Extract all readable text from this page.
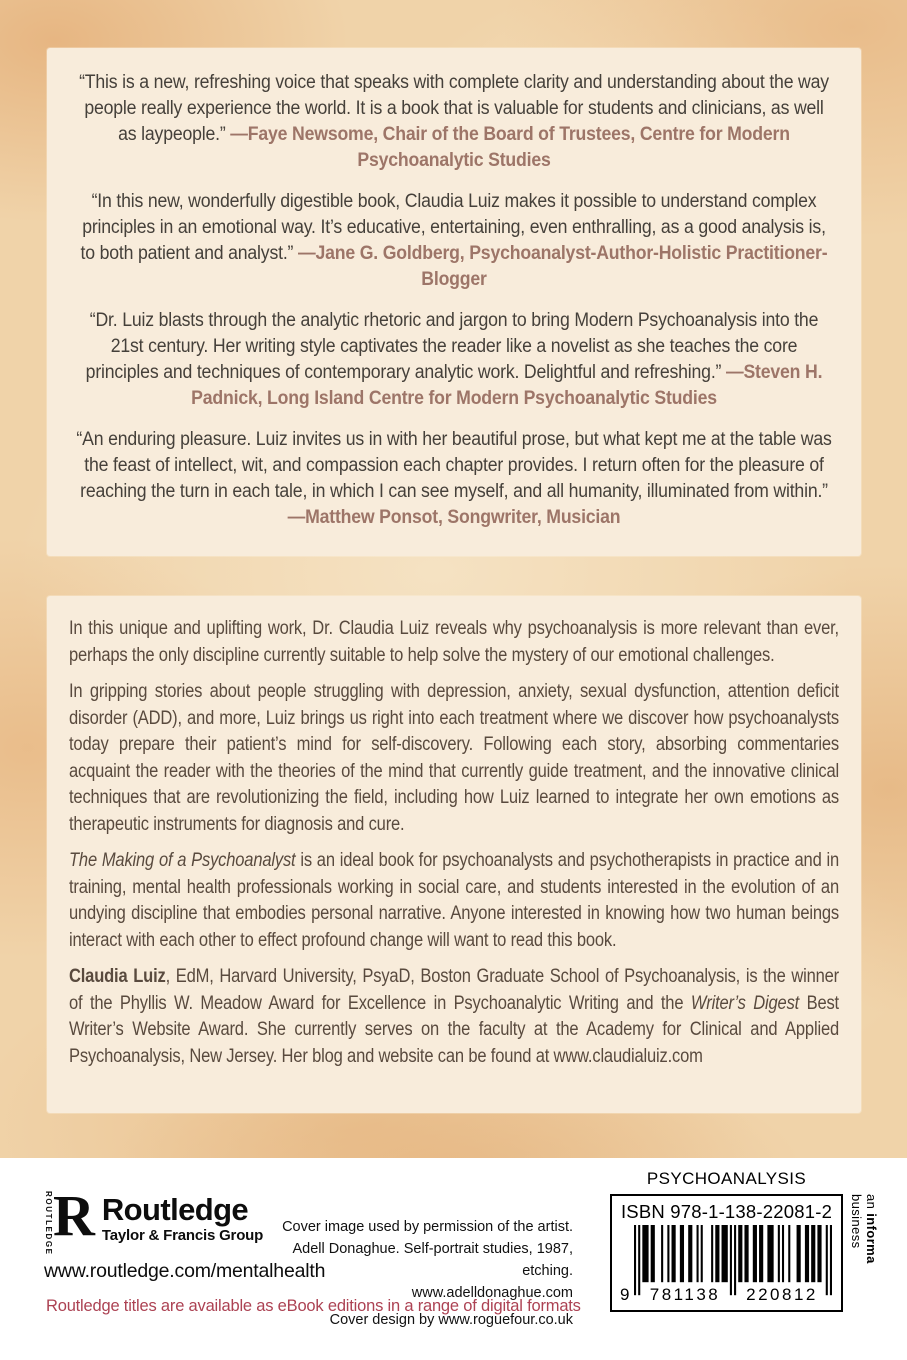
“This is a new, refreshing voice that speaks with complete clarity and understanding about the way people really experience the world. It is a book that is valuable for students and clinicians, as well as laypeople.” —Faye Newsome, Chair of the Board of Trustees, Centre for Modern Psychoanalytic Studies

“In this new, wonderfully digestible book, Claudia Luiz makes it possible to understand complex principles in an emotional way. It’s educative, entertaining, even enthralling, as a good analysis is, to both patient and analyst.” —Jane G. Goldberg, Psychoanalyst-Author-Holistic Practitioner-Blogger

“Dr. Luiz blasts through the analytic rhetoric and jargon to bring Modern Psychoanalysis into the 21st century. Her writing style captivates the reader like a novelist as she teaches the core principles and techniques of contemporary analytic work. Delightful and refreshing.” —Steven H. Padnick, Long Island Centre for Modern Psychoanalytic Studies

“An enduring pleasure. Luiz invites us in with her beautiful prose, but what kept me at the table was the feast of intellect, wit, and compassion each chapter provides. I return often for the pleasure of reaching the turn in each tale, in which I can see myself, and all humanity, illuminated from within.” —Matthew Ponsot, Songwriter, Musician

In this unique and uplifting work, Dr. Claudia Luiz reveals why psychoanalysis is more relevant than ever, perhaps the only discipline currently suitable to help solve the mystery of our emotional challenges.

In gripping stories about people struggling with depression, anxiety, sexual dysfunction, attention deficit disorder (ADD), and more, Luiz brings us right into each treatment where we discover how psychoanalysts today prepare their patient’s mind for self-discovery. Following each story, absorbing commentaries acquaint the reader with the theories of the mind that currently guide treatment, and the innovative clinical techniques that are revolutionizing the field, including how Luiz learned to integrate her own emotions as therapeutic instruments for diagnosis and cure.

The Making of a Psychoanalyst is an ideal book for psychoanalysts and psychotherapists in practice and in training, mental health professionals working in social care, and students interested in the evolution of an undying discipline that embodies personal narrative. Anyone interested in knowing how two human beings interact with each other to effect profound change will want to read this book.

Claudia Luiz, EdM, Harvard University, PsyaD, Boston Graduate School of Psychoanalysis, is the winner of the Phyllis W. Meadow Award for Excellence in Psychoanalytic Writing and the Writer’s Digest Best Writer’s Website Award. She currently serves on the faculty at the Academy for Clinical and Applied Psychoanalysis, New Jersey. Her blog and website can be found at www.claudialuiz.com

ROUTLEDGE R Routledge
Taylor & Francis Group
www.routledge.com/mentalhealth
Routledge titles are available as eBook editions in a range of digital formats
Cover image used by permission of the artist.
Adell Donaghue. Self-portrait studies, 1987, etching.
www.adelldonaghue.com
Cover design by www.roguefour.co.uk
PSYCHOANALYSIS
ISBN 978-1-138-22081-2
9	781138	220812
an informa business
